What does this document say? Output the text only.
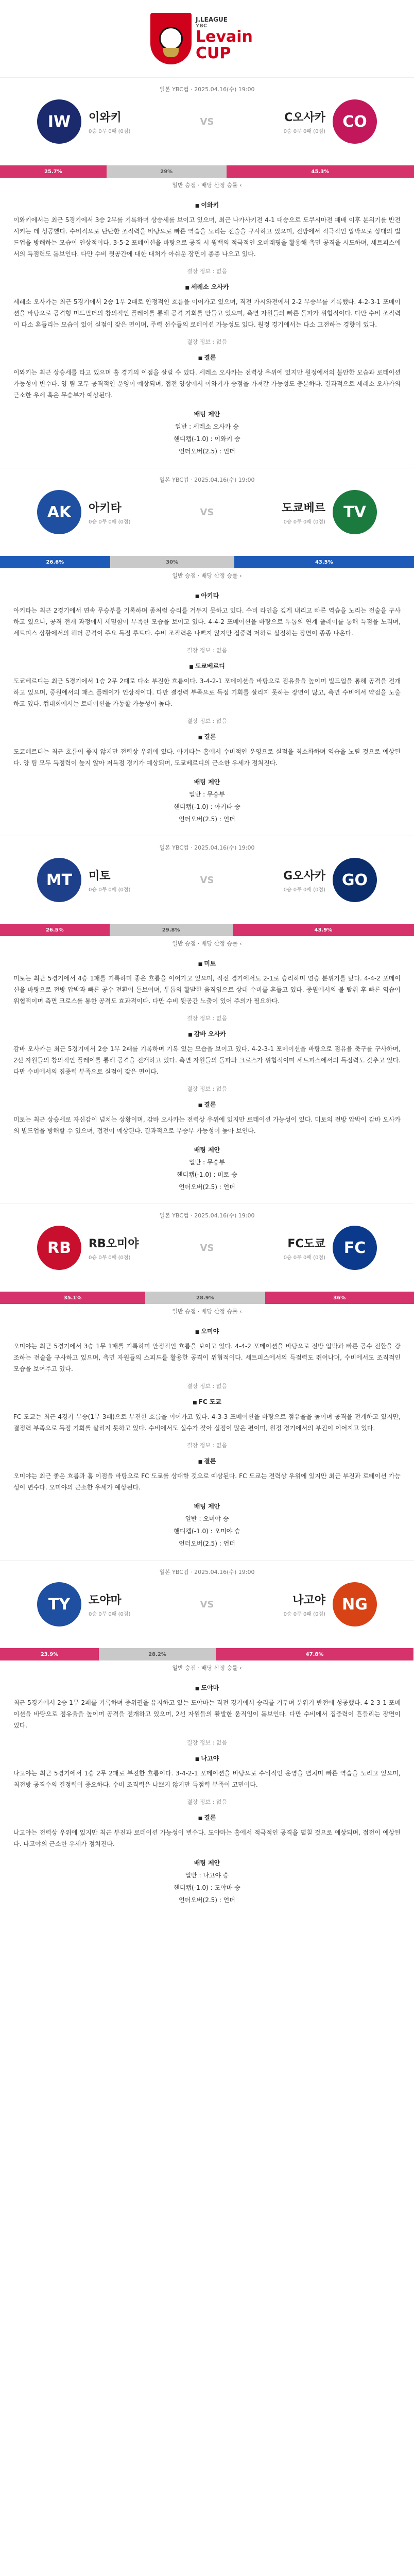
J.LEAGUE
YBC
Levain
CUP
일본 YBC컵 · 2025.04.16(수) 19:00
IW	이와키
0승 0무 0패 (0점)
VS	C오사카
0승 0무 0패 (0점)
CO
25.7%	29%	45.3%
일반 승점 · 배당 산정 승률 ‹
■ 이와키
이와키에서는 최근 5경기에서 3승 2무를 기록하며 상승세를 보이고 있으며, 최근 나가사키전 4-1 대승으로 도쿠시마전 패배 이후 분위기를 반전시키는 데 성공했다. 수비적으로 단단한 조직력을 바탕으로 빠른 역습을 노리는 전술을 구사하고 있으며, 전방에서 적극적인 압박으로 상대의 빌드업을 방해하는 모습이 인상적이다. 3-5-2 포메이션을 바탕으로 공격 시 윙백의 적극적인 오버래핑을 활용해 측면 공격을 시도하며, 세트피스에서의 득점력도 돋보인다. 다만 수비 뒷공간에 대한 대처가 아쉬운 장면이 종종 나오고 있다.
결장 정보 : 없음
■ 세레소 오사카
세레소 오사카는 최근 5경기에서 2승 1무 2패로 안정적인 흐름을 이어가고 있으며, 직전 가시와전에서 2-2 무승부를 기록했다. 4-2-3-1 포메이션을 바탕으로 공격형 미드필더의 창의적인 플레이를 통해 공격 기회를 만들고 있으며, 측면 자원들의 빠른 돌파가 위협적이다. 다만 수비 조직력이 다소 흔들리는 모습이 있어 실점이 잦은 편이며, 주력 선수들의 로테이션 가능성도 있다. 원정 경기에서는 다소 고전하는 경향이 있다.
결장 정보 : 없음
■ 결론
이와키는 최근 상승세를 타고 있으며 홈 경기의 이점을 살릴 수 있다. 세레소 오사카는 전력상 우위에 있지만 원정에서의 불안한 모습과 로테이션 가능성이 변수다. 양 팀 모두 공격적인 운영이 예상되며, 접전 양상에서 이와키가 승점을 가져갈 가능성도 충분하다. 결과적으로 세레소 오사카의 근소한 우세 혹은 무승부가 예상된다.
배팅 제안
일반 : 세레소 오사카 승
핸디캡(-1.0) : 이와키 승
언더오버(2.5) : 언더
일본 YBC컵 · 2025.04.16(수) 19:00
AK	아키타
0승 0무 0패 (0점)
VS	도쿄베르
0승 0무 0패 (0점)
TV
26.6%	30%	43.5%
일반 승점 · 배당 산정 승률 ‹
■ 아키타
아키타는 최근 2경기에서 연속 무승부를 기록하며 좀처럼 승리를 거두지 못하고 있다. 수비 라인을 깊게 내리고 빠른 역습을 노리는 전술을 구사하고 있으나, 공격 전개 과정에서 세밀함이 부족한 모습을 보이고 있다. 4-4-2 포메이션을 바탕으로 투톱의 연계 플레이를 통해 득점을 노리며, 세트피스 상황에서의 헤더 공격이 주요 득점 루트다. 수비 조직력은 나쁘지 않지만 집중력 저하로 실점하는 장면이 종종 나온다.
결장 정보 : 없음
■ 도쿄베르디
도쿄베르디는 최근 5경기에서 1승 2무 2패로 다소 부진한 흐름이다. 3-4-2-1 포메이션을 바탕으로 점유율을 높이며 빌드업을 통해 공격을 전개하고 있으며, 중원에서의 패스 플레이가 인상적이다. 다만 결정력 부족으로 득점 기회를 살리지 못하는 장면이 많고, 측면 수비에서 약점을 노출하고 있다. 컵대회에서는 로테이션을 가동할 가능성이 높다.
결장 정보 : 없음
■ 결론
도쿄베르디는 최근 흐름이 좋지 않지만 전력상 우위에 있다. 아키타는 홈에서 수비적인 운영으로 실점을 최소화하며 역습을 노릴 것으로 예상된다. 양 팀 모두 득점력이 높지 않아 저득점 경기가 예상되며, 도쿄베르디의 근소한 우세가 점쳐진다.
배팅 제안
일반 : 무승부
핸디캡(-1.0) : 아키타 승
언더오버(2.5) : 언더
일본 YBC컵 · 2025.04.16(수) 19:00
MT	미토
0승 0무 0패 (0점)
VS	G오사카
0승 0무 0패 (0점)
GO
26.5%	29.8%	43.9%
일반 승점 · 배당 산정 승률 ‹
■ 미토
미토는 최근 5경기에서 4승 1패를 기록하며 좋은 흐름을 이어가고 있으며, 직전 경기에서도 2-1로 승리하며 연승 분위기를 탔다. 4-4-2 포메이션을 바탕으로 전방 압박과 빠른 공수 전환이 돋보이며, 투톱의 활발한 움직임으로 상대 수비를 흔들고 있다. 중원에서의 볼 탈취 후 빠른 역습이 위협적이며 측면 크로스를 통한 공격도 효과적이다. 다만 수비 뒷공간 노출이 있어 주의가 필요하다.
결장 정보 : 없음
■ 감바 오사카
감바 오사카는 최근 5경기에서 2승 1무 2패를 기록하며 기복 있는 모습을 보이고 있다. 4-2-3-1 포메이션을 바탕으로 점유율 축구를 구사하며, 2선 자원들의 창의적인 플레이를 통해 공격을 전개하고 있다. 측면 자원들의 돌파와 크로스가 위협적이며 세트피스에서의 득점력도 갖추고 있다. 다만 수비에서의 집중력 부족으로 실점이 잦은 편이다.
결장 정보 : 없음
■ 결론
미토는 최근 상승세로 자신감이 넘치는 상황이며, 감바 오사카는 전력상 우위에 있지만 로테이션 가능성이 있다. 미토의 전방 압박이 감바 오사카의 빌드업을 방해할 수 있으며, 접전이 예상된다. 결과적으로 무승부 가능성이 높아 보인다.
배팅 제안
일반 : 무승부
핸디캡(-1.0) : 미토 승
언더오버(2.5) : 언더
일본 YBC컵 · 2025.04.16(수) 19:00
RB	RB오미야
0승 0무 0패 (0점)
VS	FC도쿄
0승 0무 0패 (0점)
FC
35.1%	28.9%	36%
일반 승점 · 배당 산정 승률 ‹
■ 오미야
오미야는 최근 5경기에서 3승 1무 1패를 기록하며 안정적인 흐름을 보이고 있다. 4-4-2 포메이션을 바탕으로 전방 압박과 빠른 공수 전환을 강조하는 전술을 구사하고 있으며, 측면 자원들의 스피드를 활용한 공격이 위협적이다. 세트피스에서의 득점력도 뛰어나며, 수비에서도 조직적인 모습을 보여주고 있다.
결장 정보 : 없음
■ FC 도쿄
FC 도쿄는 최근 4경기 무승(1무 3패)으로 부진한 흐름을 이어가고 있다. 4-3-3 포메이션을 바탕으로 점유율을 높이며 공격을 전개하고 있지만, 결정력 부족으로 득점 기회를 살리지 못하고 있다. 수비에서도 실수가 잦아 실점이 많은 편이며, 원정 경기에서의 부진이 이어지고 있다.
결장 정보 : 없음
■ 결론
오미야는 최근 좋은 흐름과 홈 이점을 바탕으로 FC 도쿄를 상대할 것으로 예상된다. FC 도쿄는 전력상 우위에 있지만 최근 부진과 로테이션 가능성이 변수다. 오미야의 근소한 우세가 예상된다.
배팅 제안
일반 : 오미야 승
핸디캡(-1.0) : 오미야 승
언더오버(2.5) : 언더
일본 YBC컵 · 2025.04.16(수) 19:00
TY	도야마
0승 0무 0패 (0점)
VS	나고야
0승 0무 0패 (0점)
NG
23.9%	28.2%	47.8%
일반 승점 · 배당 산정 승률 ‹
■ 도야마
최근 5경기에서 2승 1무 2패를 기록하며 중위권을 유지하고 있는 도야마는 직전 경기에서 승리를 거두며 분위기 반전에 성공했다. 4-2-3-1 포메이션을 바탕으로 점유율을 높이며 공격을 전개하고 있으며, 2선 자원들의 활발한 움직임이 돋보인다. 다만 수비에서 집중력이 흔들리는 장면이 있다.
결장 정보 : 없음
■ 나고야
나고야는 최근 5경기에서 1승 2무 2패로 부진한 흐름이다. 3-4-2-1 포메이션을 바탕으로 수비적인 운영을 펼치며 빠른 역습을 노리고 있으며, 최전방 공격수의 결정력이 중요하다. 수비 조직력은 나쁘지 않지만 득점력 부족이 고민이다.
결장 정보 : 없음
■ 결론
나고야는 전력상 우위에 있지만 최근 부진과 로테이션 가능성이 변수다. 도야마는 홈에서 적극적인 공격을 펼칠 것으로 예상되며, 접전이 예상된다. 나고야의 근소한 우세가 점쳐진다.
배팅 제안
일반 : 나고야 승
핸디캡(-1.0) : 도야마 승
언더오버(2.5) : 언더
